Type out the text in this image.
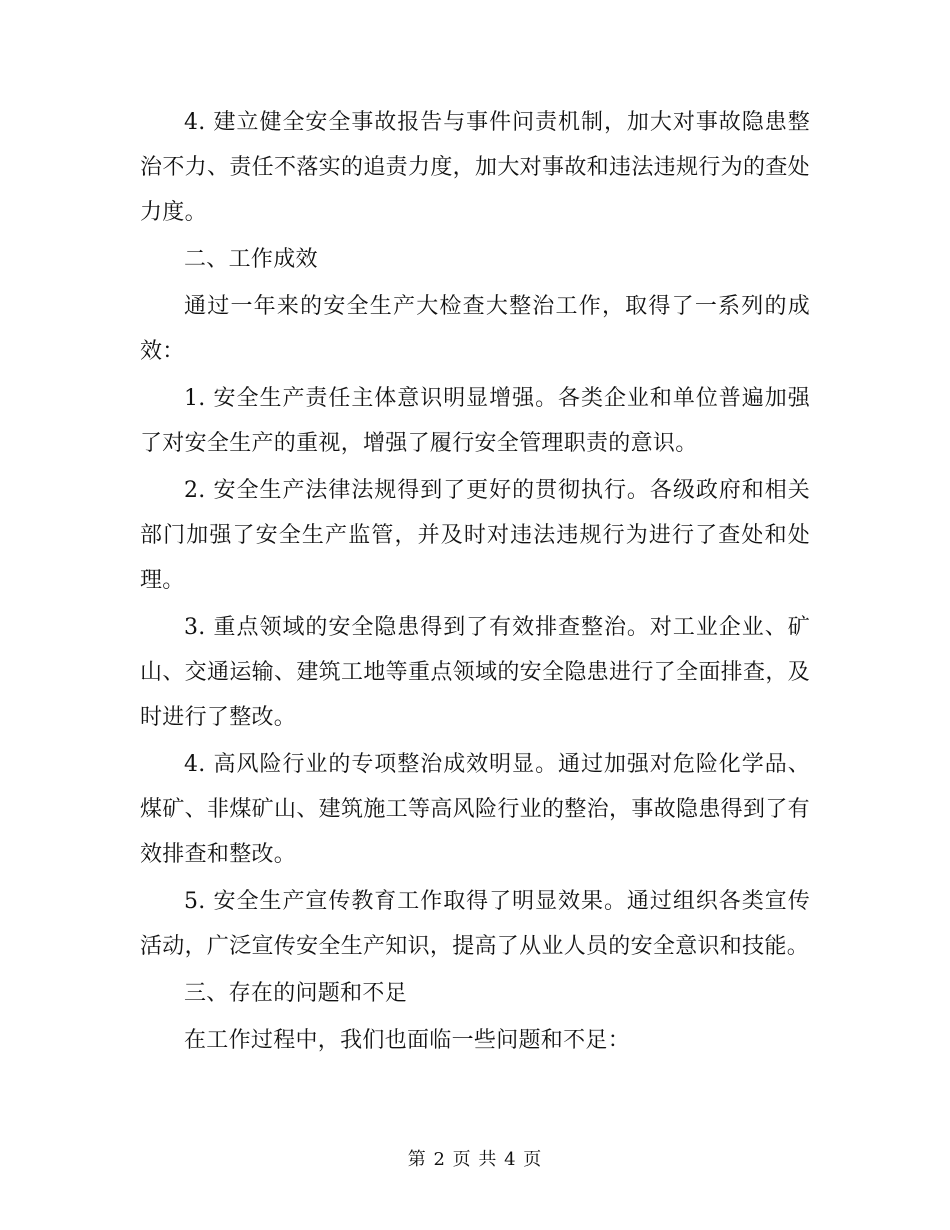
4. 建立健全安全事故报告与事件问责机制，加大对事故隐患整治不力、责任不落实的追责力度，加大对事故和违法违规行为的查处力度。

二、工作成效

通过一年来的安全生产大检查大整治工作，取得了一系列的成效：

1. 安全生产责任主体意识明显增强。各类企业和单位普遍加强了对安全生产的重视，增强了履行安全管理职责的意识。

2. 安全生产法律法规得到了更好的贯彻执行。各级政府和相关部门加强了安全生产监管，并及时对违法违规行为进行了查处和处理。

3. 重点领域的安全隐患得到了有效排查整治。对工业企业、矿山、交通运输、建筑工地等重点领域的安全隐患进行了全面排查，及时进行了整改。

4. 高风险行业的专项整治成效明显。通过加强对危险化学品、煤矿、非煤矿山、建筑施工等高风险行业的整治，事故隐患得到了有效排查和整改。

5. 安全生产宣传教育工作取得了明显效果。通过组织各类宣传活动，广泛宣传安全生产知识，提高了从业人员的安全意识和技能。

三、存在的问题和不足

在工作过程中，我们也面临一些问题和不足：

第 2 页 共 4 页
